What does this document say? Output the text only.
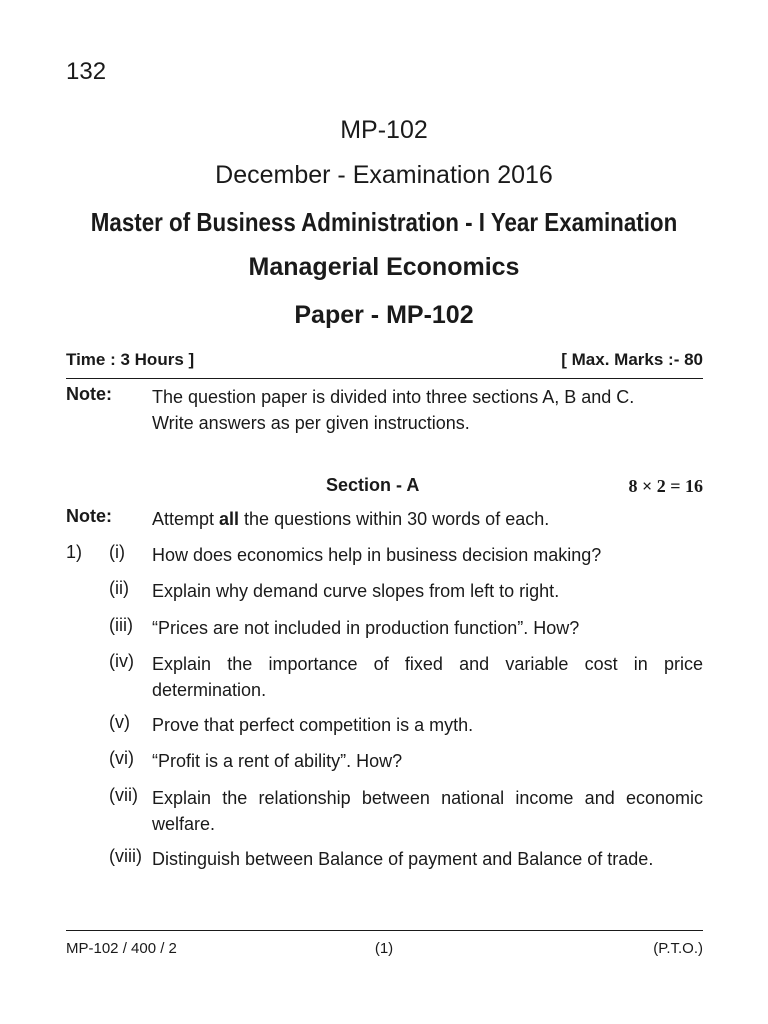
132
MP-102
December - Examination 2016
Master of Business Administration - I Year Examination
Managerial Economics
Paper - MP-102
Time : 3 Hours ]	[ Max. Marks :- 80
Note: The question paper is divided into three sections A, B and C.
Write answers as per given instructions.
Section - A	8 × 2 = 16
Note: Attempt all the questions within 30 words of each.
1) (i) How does economics help in business decision making?
(ii) Explain why demand curve slopes from left to right.
(iii) “Prices are not included in production function”. How?
(iv) Explain the importance of fixed and variable cost in price determination.
(v) Prove that perfect competition is a myth.
(vi) “Profit is a rent of ability”. How?
(vii) Explain the relationship between national income and economic welfare.
(viii) Distinguish between Balance of payment and Balance of trade.
MP-102 / 400 / 2	(1)	(P.T.O.)
